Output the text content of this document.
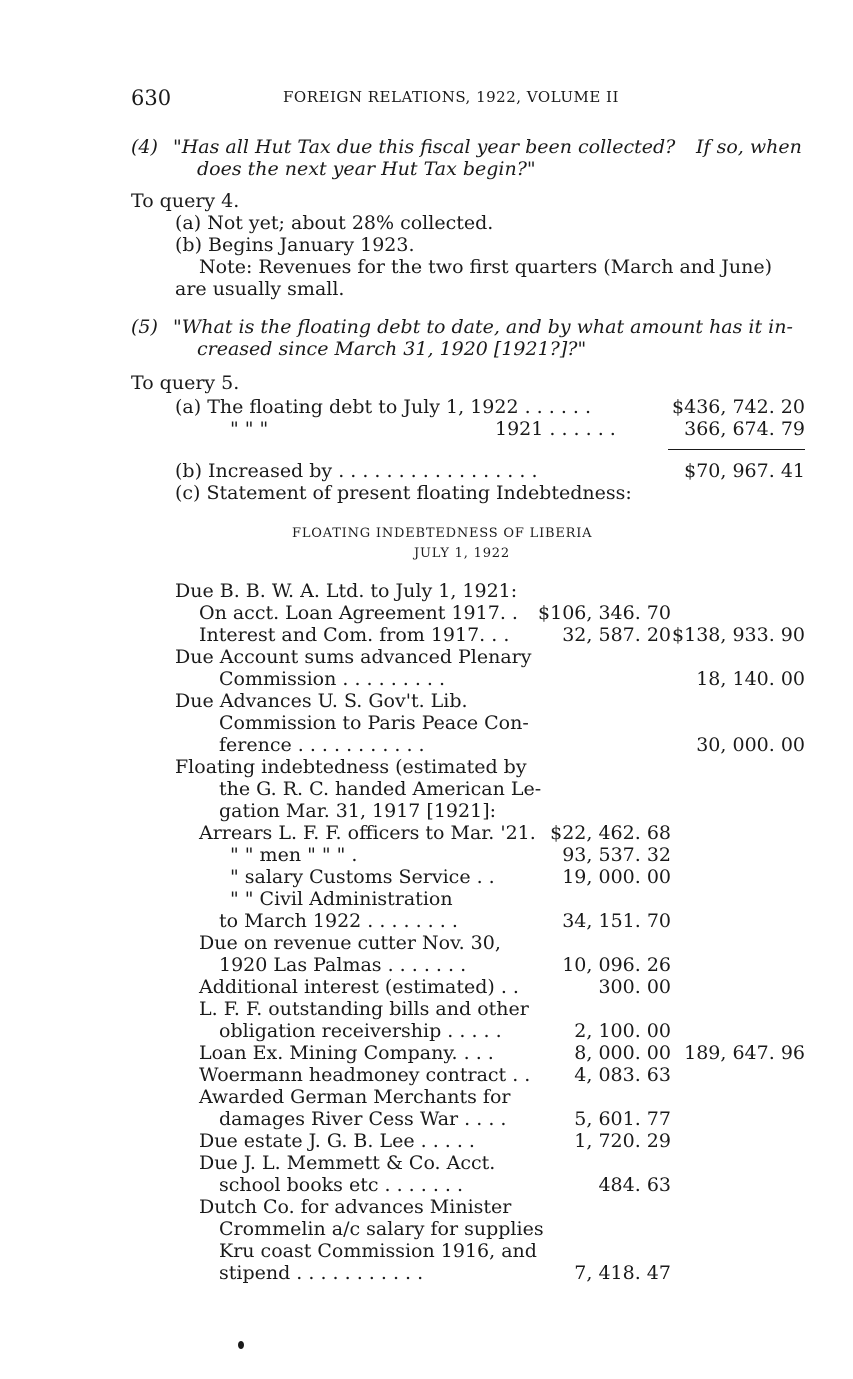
630	FOREIGN RELATIONS, 1922, VOLUME II
(4) "Has all Hut Tax due this fiscal year been collected? If so, when
does the next year Hut Tax begin?"
To query 4.
(a) Not yet; about 28% collected.
(b) Begins January 1923.
Note: Revenues for the two first quarters (March and June)
are usually small.
(5) "What is the floating debt to date, and by what amount has it in-
creased since March 31, 1920 [1921?]?"
To query 5.
(a) The floating debt to July 1, 1922 . . . . . .	$436, 742. 20
" " "	1921 . . . . . .	366, 674. 79
(b) Increased by . . . . . . . . . . . . . . . . .	$70, 967. 41
(c) Statement of present floating Indebtedness:
FLOATING INDEBTEDNESS OF LIBERIA
JULY 1, 1922
Due B. B. W. A. Ltd. to July 1, 1921:
On acct. Loan Agreement 1917. . $106, 346. 70
Interest and Com. from 1917. . .	32, 587. 20 $138, 933. 90
Due Account sums advanced Plenary
Commission . . . . . . . . .	18, 140. 00
Due Advances U. S. Gov't. Lib.
Commission to Paris Peace Con-
ference . . . . . . . . . . .	30, 000. 00
Floating indebtedness (estimated by
the G. R. C. handed American Le-
gation Mar. 31, 1917 [1921]:
Arrears L. F. F. officers to Mar. '21. $22, 462. 68
" " men " " " .	93, 537. 32
" salary Customs Service . .	19, 000. 00
" " Civil Administration
to March 1922 . . . . . . . .	34, 151. 70
Due on revenue cutter Nov. 30,
1920 Las Palmas . . . . . . .	10, 096. 26
Additional interest (estimated) . .	300. 00
L. F. F. outstanding bills and other
obligation receivership . . . . .	2, 100. 00
Loan Ex. Mining Company. . . .	8, 000. 00 189, 647. 96
Woermann headmoney contract . . 4, 083. 63
Awarded German Merchants for
damages River Cess War . . . .	5, 601. 77
Due estate J. G. B. Lee . . . . .	1, 720. 29
Due J. L. Memmett & Co. Acct.
school books etc . . . . . . .	484. 63
Dutch Co. for advances Minister
Crommelin a/c salary for supplies
Kru coast Commission 1916, and
stipend . . . . . . . . . . .	7, 418. 47
